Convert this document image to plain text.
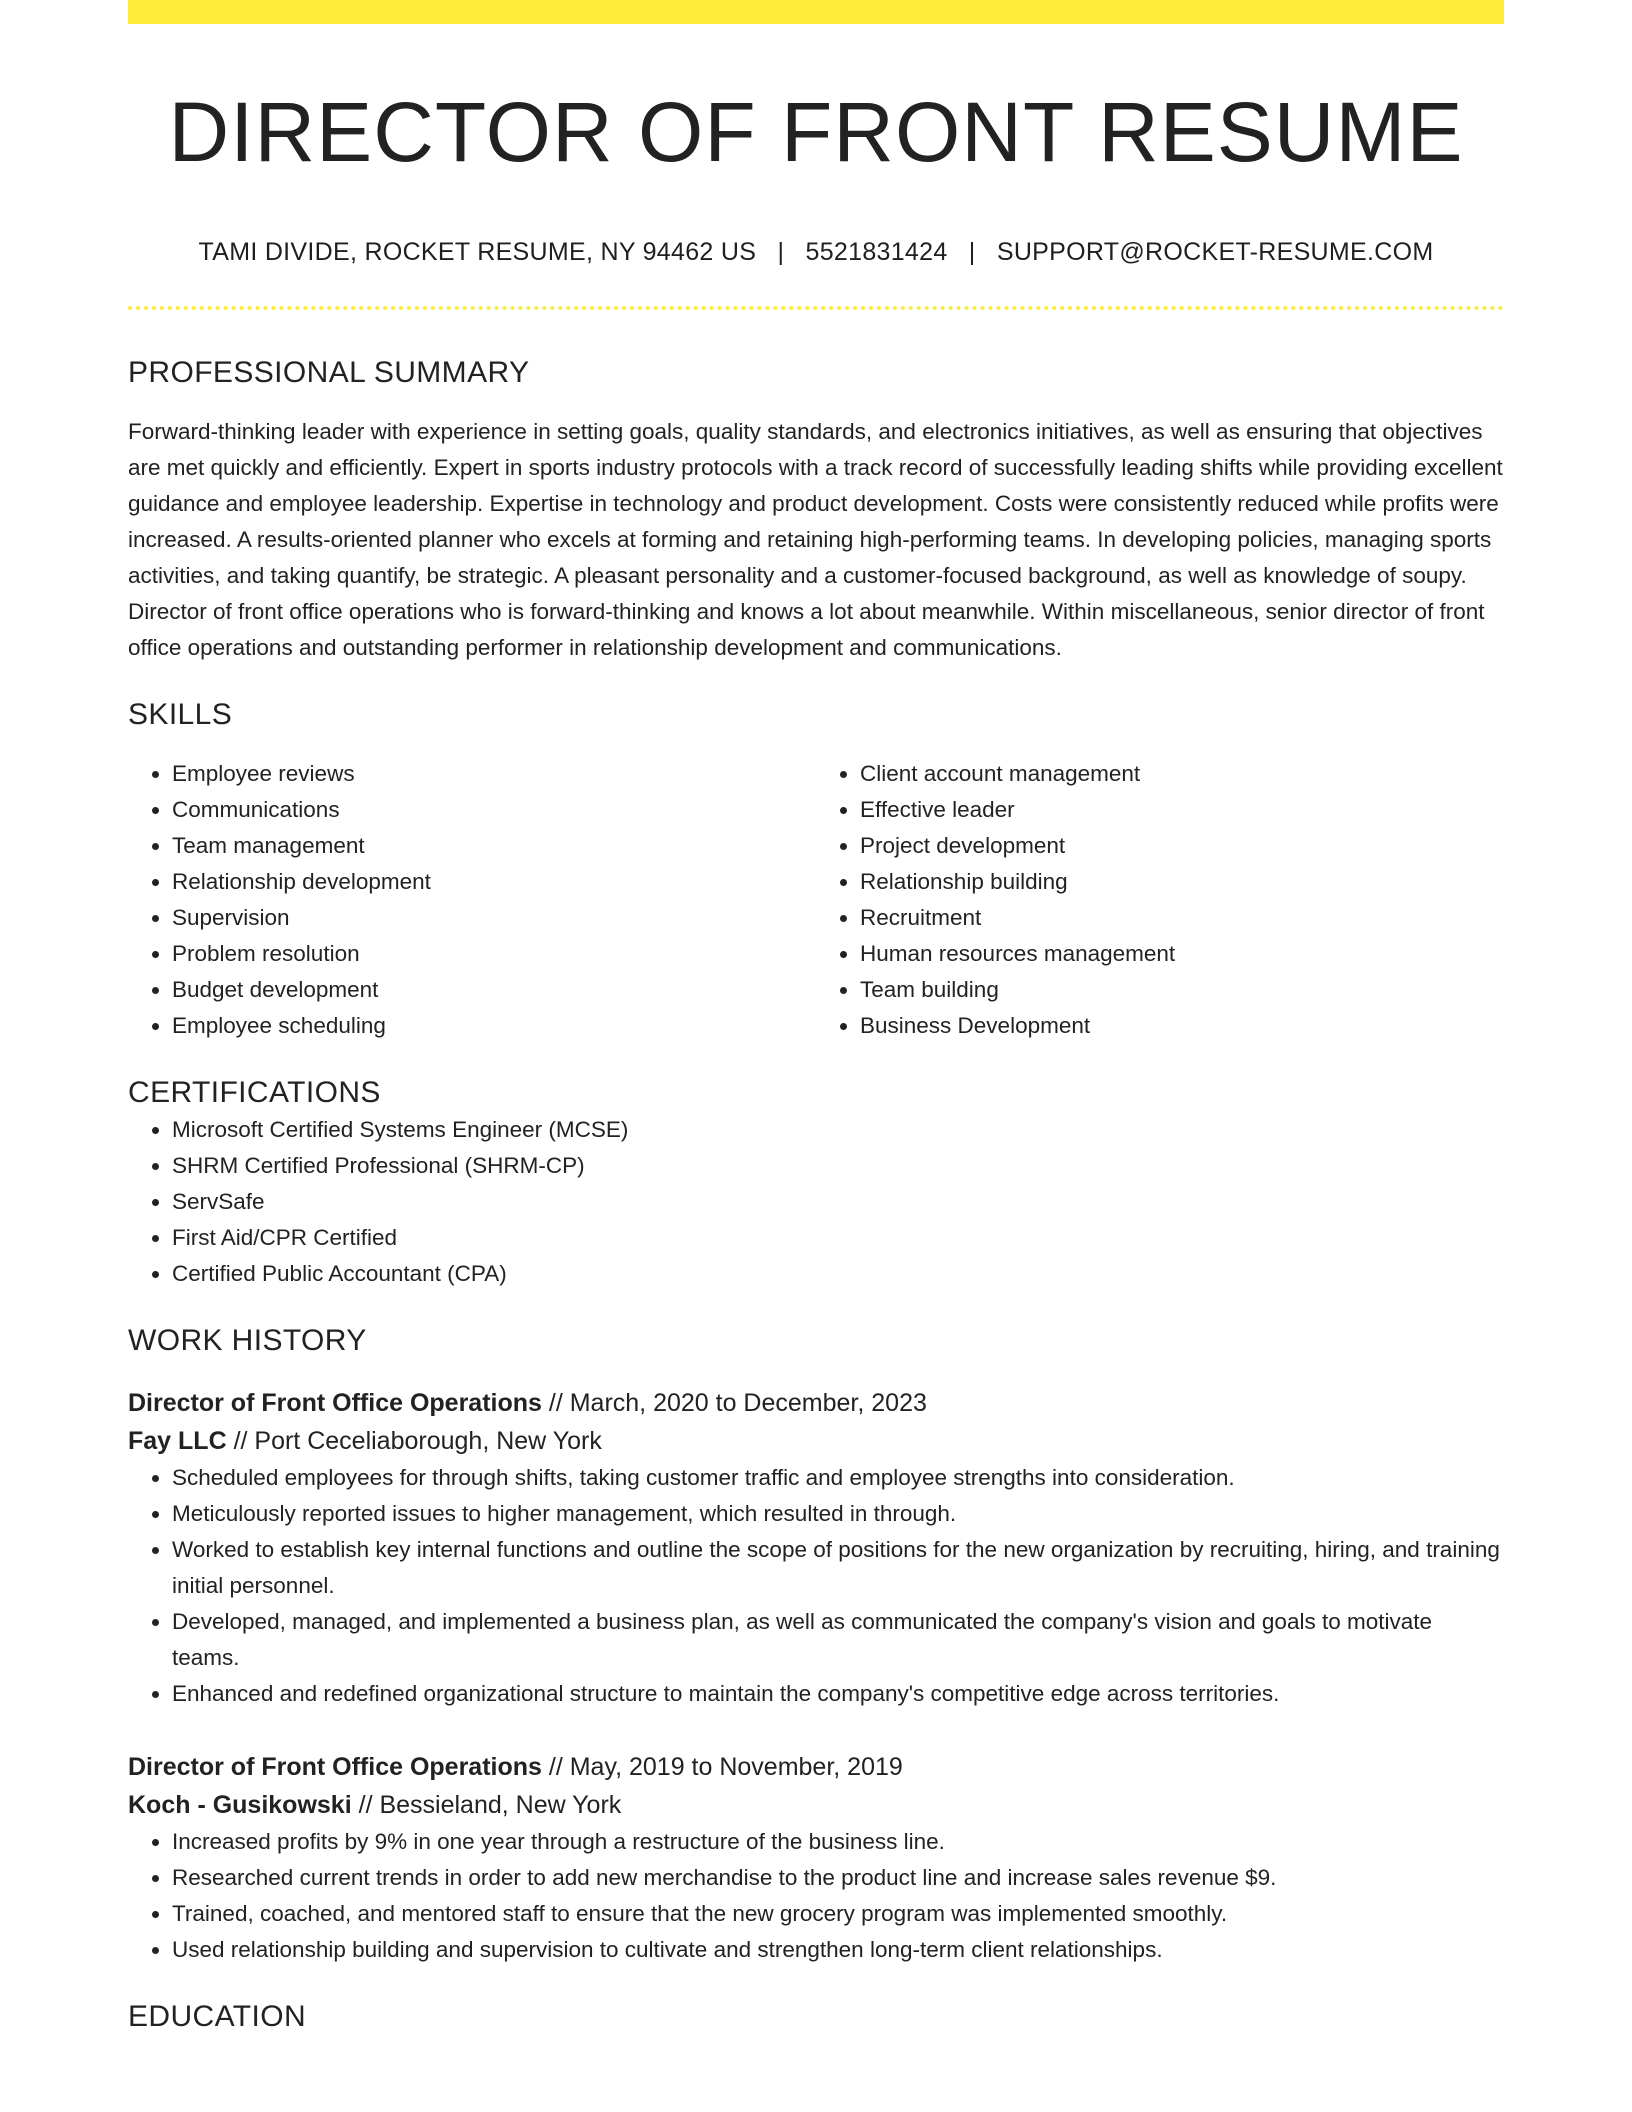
DIRECTOR OF FRONT RESUME
TAMI DIVIDE, ROCKET RESUME, NY 94462 US | 5521831424 | SUPPORT@ROCKET-RESUME.COM
PROFESSIONAL SUMMARY

Forward-thinking leader with experience in setting goals, quality standards, and electronics initiatives, as well as ensuring that objectives are met quickly and efficiently. Expert in sports industry protocols with a track record of successfully leading shifts while providing excellent guidance and employee leadership. Expertise in technology and product development. Costs were consistently reduced while profits were increased. A results-oriented planner who excels at forming and retaining high-performing teams. In developing policies, managing sports activities, and taking quantify, be strategic. A pleasant personality and a customer-focused background, as well as knowledge of soupy. Director of front office operations who is forward-thinking and knows a lot about meanwhile. Within miscellaneous, senior director of front office operations and outstanding performer in relationship development and communications.

SKILLS
• Employee reviews
• Communications
• Team management
• Relationship development
• Supervision
• Problem resolution
• Budget development
• Employee scheduling
• Client account management
• Effective leader
• Project development
• Relationship building
• Recruitment
• Human resources management
• Team building
• Business Development
CERTIFICATIONS
• Microsoft Certified Systems Engineer (MCSE)
• SHRM Certified Professional (SHRM-CP)
• ServSafe
• First Aid/CPR Certified
• Certified Public Accountant (CPA)
WORK HISTORY
Director of Front Office Operations // March, 2020 to December, 2023
Fay LLC // Port Ceceliaborough, New York
• Scheduled employees for through shifts, taking customer traffic and employee strengths into consideration.
• Meticulously reported issues to higher management, which resulted in through.
• Worked to establish key internal functions and outline the scope of positions for the new organization by recruiting, hiring, and training initial personnel.
• Developed, managed, and implemented a business plan, as well as communicated the company's vision and goals to motivate teams.
• Enhanced and redefined organizational structure to maintain the company's competitive edge across territories.
Director of Front Office Operations // May, 2019 to November, 2019
Koch - Gusikowski // Bessieland, New York
• Increased profits by 9% in one year through a restructure of the business line.
• Researched current trends in order to add new merchandise to the product line and increase sales revenue $9.
• Trained, coached, and mentored staff to ensure that the new grocery program was implemented smoothly.
• Used relationship building and supervision to cultivate and strengthen long-term client relationships.
EDUCATION
